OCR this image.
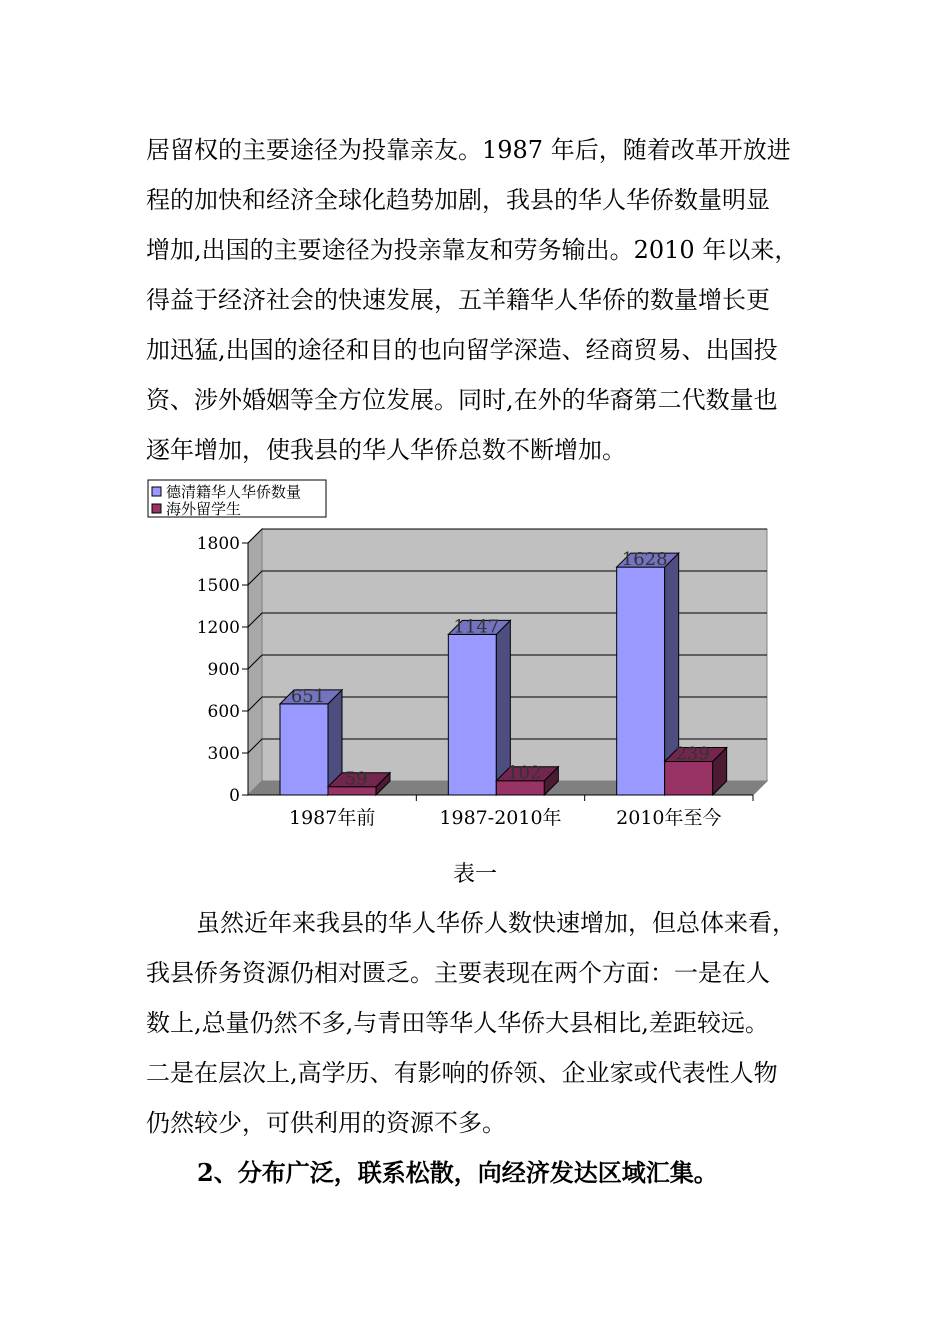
居留权的主要途径为投靠亲友。1987 年后，随着改革开放进

程的加快和经济全球化趋势加剧，我县的华人华侨数量明显

增加,出国的主要途径为投亲靠友和劳务输出。2010 年以来，

得益于经济社会的快速发展，五羊籍华人华侨的数量增长更

加迅猛,出国的途径和目的也向留学深造、经商贸易、出国投

资、涉外婚姻等全方位发展。同时,在外的华裔第二代数量也

逐年增加，使我县的华人华侨总数不断增加。

0
300
600
900
1200
1500
1800
651
59
1987年前
1147
102
1987-2010年
1628
239
2010年至今
德清籍华人华侨数量
海外留学生
表一

虽然近年来我县的华人华侨人数快速增加，但总体来看，

我县侨务资源仍相对匮乏。主要表现在两个方面：一是在人

数上,总量仍然不多,与青田等华人华侨大县相比,差距较远。

二是在层次上,高学历、有影响的侨领、企业家或代表性人物

仍然较少，可供利用的资源不多。

2、分布广泛，联系松散，向经济发达区域汇集。
